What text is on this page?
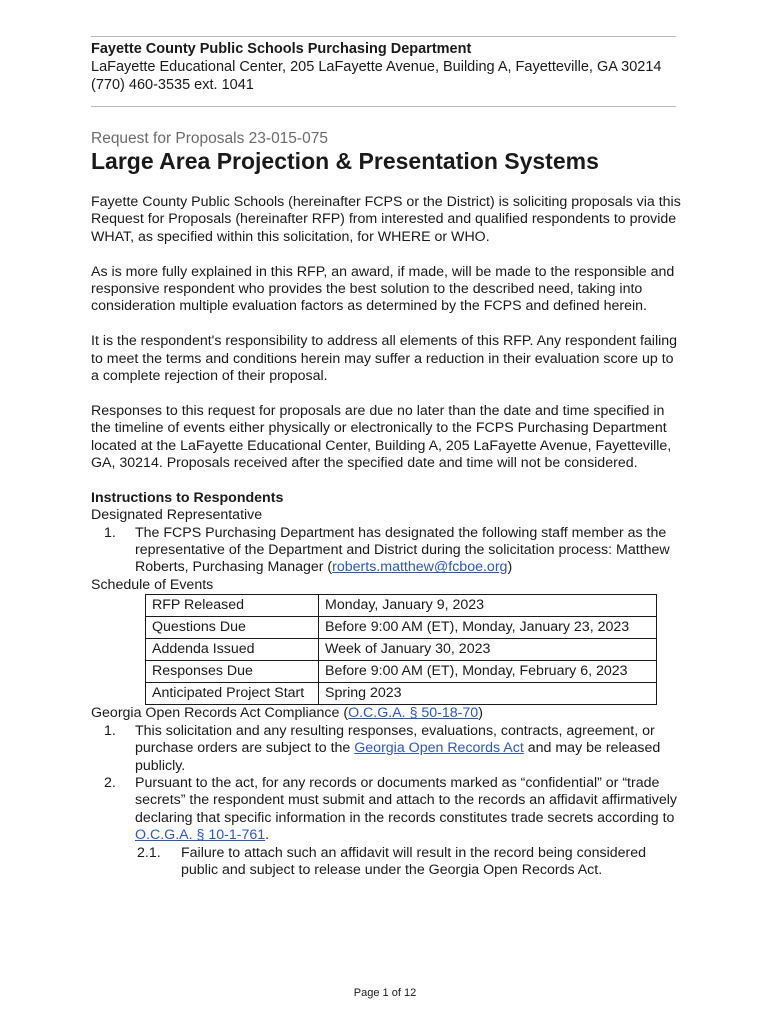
Fayette County Public Schools Purchasing Department
LaFayette Educational Center, 205 LaFayette Avenue, Building A, Fayetteville, GA 30214
(770) 460-3535 ext. 1041
Request for Proposals 23-015-075
Large Area Projection & Presentation Systems

Fayette County Public Schools (hereinafter FCPS or the District) is soliciting proposals via this Request for Proposals (hereinafter RFP) from interested and qualified respondents to provide WHAT, as specified within this solicitation, for WHERE or WHO.

As is more fully explained in this RFP, an award, if made, will be made to the responsible and responsive respondent who provides the best solution to the described need, taking into consideration multiple evaluation factors as determined by the FCPS and defined herein.

It is the respondent's responsibility to address all elements of this RFP. Any respondent failing to meet the terms and conditions herein may suffer a reduction in their evaluation score up to a complete rejection of their proposal.

Responses to this request for proposals are due no later than the date and time specified in the timeline of events either physically or electronically to the FCPS Purchasing Department located at the LaFayette Educational Center, Building A, 205 LaFayette Avenue, Fayetteville, GA, 30214. Proposals received after the specified date and time will not be considered.

Instructions to Respondents
Designated Representative
1. The FCPS Purchasing Department has designated the following staff member as the representative of the Department and District during the solicitation process: Matthew Roberts, Purchasing Manager (roberts.matthew@fcboe.org)
Schedule of Events
RFP Released	Monday, January 9, 2023
Questions Due	Before 9:00 AM (ET), Monday, January 23, 2023
Addenda Issued	Week of January 30, 2023
Responses Due	Before 9:00 AM (ET), Monday, February 6, 2023
Anticipated Project Start	Spring 2023
Georgia Open Records Act Compliance (O.C.G.A. § 50-18-70)
1. This solicitation and any resulting responses, evaluations, contracts, agreement, or purchase orders are subject to the Georgia Open Records Act and may be released publicly.
2. Pursuant to the act, for any records or documents marked as “confidential” or “trade secrets” the respondent must submit and attach to the records an affidavit affirmatively declaring that specific information in the records constitutes trade secrets according to O.C.G.A. § 10-1-761.
2.1. Failure to attach such an affidavit will result in the record being considered public and subject to release under the Georgia Open Records Act.
Page 1 of 12
